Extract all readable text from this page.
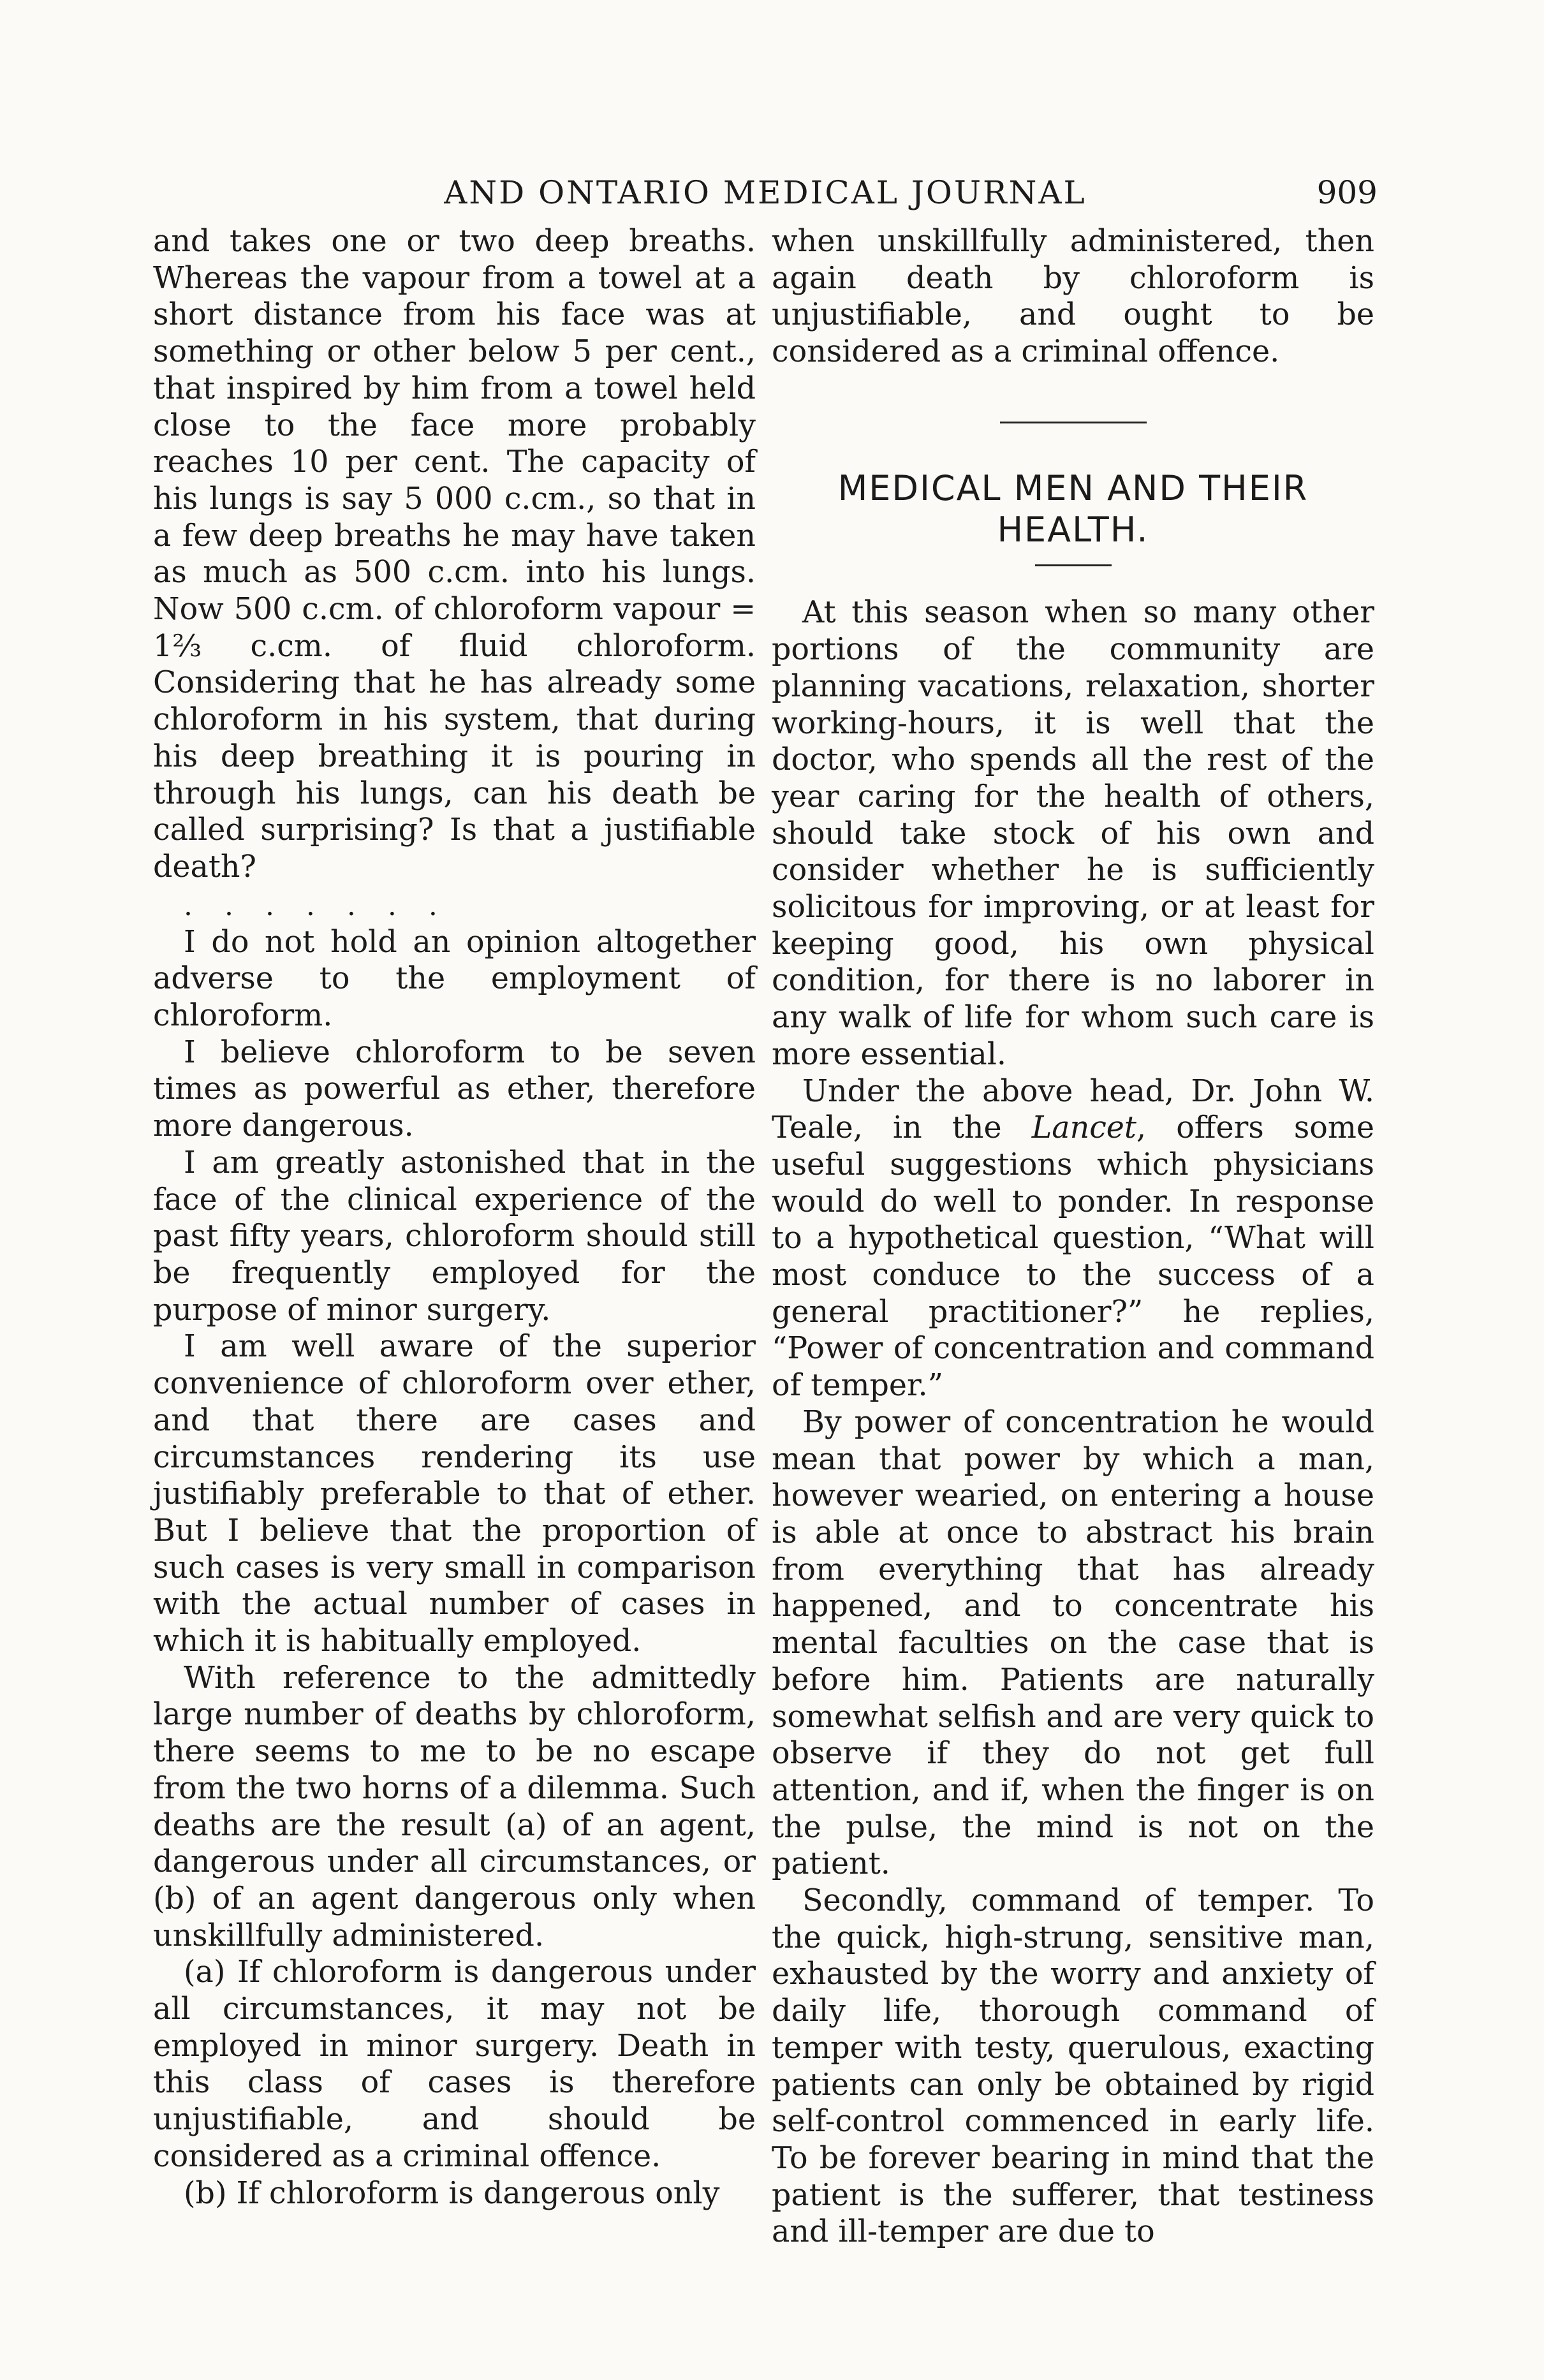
AND ONTARIO MEDICAL JOURNAL	909

and takes one or two deep breaths. Whereas the vapour from a towel at a short distance from his face was at something or other below 5 per cent., that inspired by him from a towel held close to the face more probably reaches 10 per cent. The capacity of his lungs is say 5 000 c.cm., so that in a few deep breaths he may have taken as much as 500 c.cm. into his lungs. Now 500 c.cm. of chloroform vapour = 1⅔ c.cm. of fluid chloroform. Considering that he has already some chloroform in his system, that during his deep breathing it is pouring in through his lungs, can his death be called surprising? Is that a justifiable death?

. . . . . . .

I do not hold an opinion altogether adverse to the employment of chloroform.

I believe chloroform to be seven times as powerful as ether, therefore more dangerous.

I am greatly astonished that in the face of the clinical experience of the past fifty years, chloroform should still be frequently employed for the purpose of minor surgery.

I am well aware of the superior convenience of chloroform over ether, and that there are cases and circumstances rendering its use justifiably preferable to that of ether. But I believe that the proportion of such cases is very small in comparison with the actual number of cases in which it is habitually employed.

With reference to the admittedly large number of deaths by chloroform, there seems to me to be no escape from the two horns of a dilemma. Such deaths are the result (a) of an agent, dangerous under all circumstances, or (b) of an agent dangerous only when unskillfully administered.

(a) If chloroform is dangerous under all circumstances, it may not be employed in minor surgery. Death in this class of cases is therefore unjustifiable, and should be considered as a criminal offence.

(b) If chloroform is dangerous only

when unskillfully administered, then again death by chloroform is unjustifiable, and ought to be considered as a criminal offence.

MEDICAL MEN AND THEIR
HEALTH.

At this season when so many other portions of the community are planning vacations, relaxation, shorter working-hours, it is well that the doctor, who spends all the rest of the year caring for the health of others, should take stock of his own and consider whether he is sufficiently solicitous for improving, or at least for keeping good, his own physical condition, for there is no laborer in any walk of life for whom such care is more essential.

Under the above head, Dr. John W. Teale, in the Lancet, offers some useful suggestions which physicians would do well to ponder. In response to a hypothetical question, “What will most conduce to the success of a general practitioner?” he replies, “Power of concentration and command of temper.”

By power of concentration he would mean that power by which a man, however wearied, on entering a house is able at once to abstract his brain from everything that has already happened, and to concentrate his mental faculties on the case that is before him. Patients are naturally somewhat selfish and are very quick to observe if they do not get full attention, and if, when the finger is on the pulse, the mind is not on the patient.

Secondly, command of temper. To the quick, high-strung, sensitive man, exhausted by the worry and anxiety of daily life, thorough command of temper with testy, querulous, exacting patients can only be obtained by rigid self-control commenced in early life. To be forever bearing in mind that the patient is the sufferer, that testiness and ill-temper are due to
